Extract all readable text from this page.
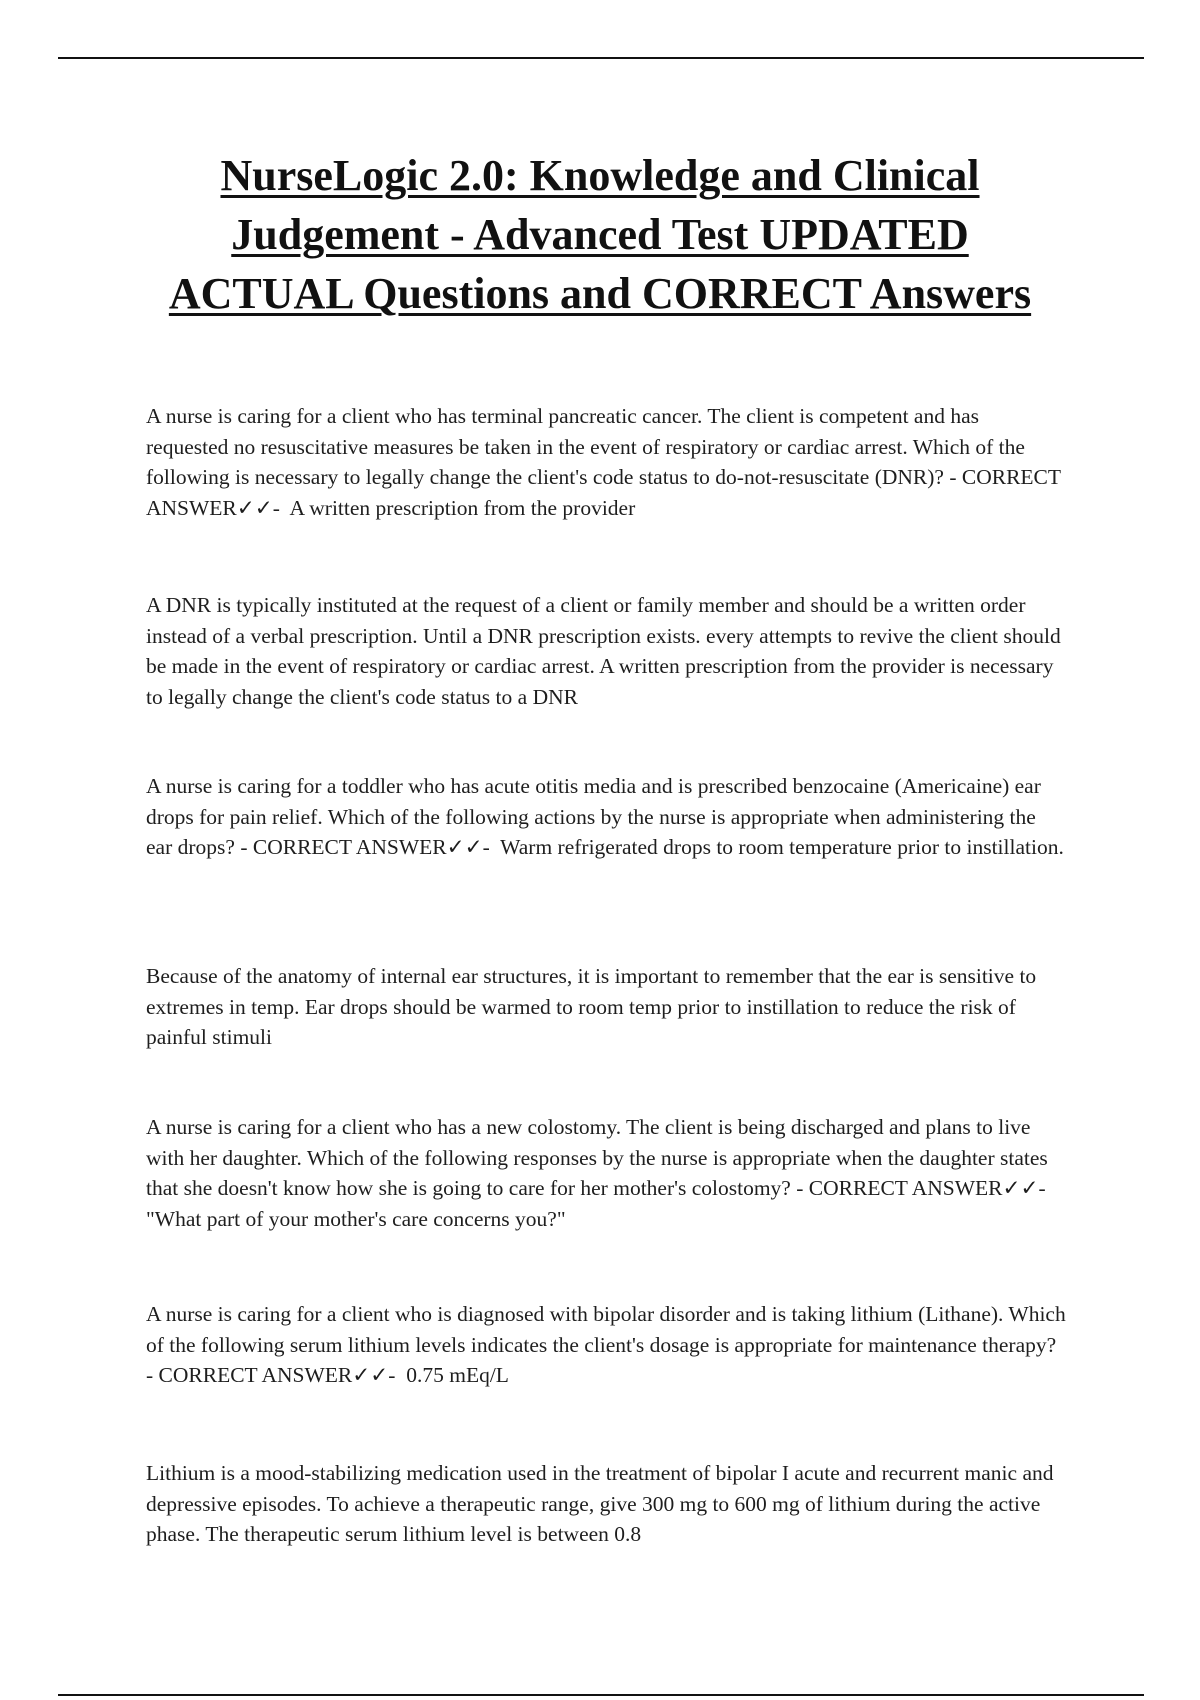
NurseLogic 2.0: Knowledge and Clinical Judgement - Advanced Test UPDATED ACTUAL Questions and CORRECT Answers

A nurse is caring for a client who has terminal pancreatic cancer. The client is competent and has requested no resuscitative measures be taken in the event of respiratory or cardiac arrest. Which of the following is necessary to legally change the client's code status to do-not-resuscitate (DNR)? - CORRECT ANSWER✓✓- A written prescription from the provider

A DNR is typically instituted at the request of a client or family member and should be a written order instead of a verbal prescription. Until a DNR prescription exists. every attempts to revive the client should be made in the event of respiratory or cardiac arrest. A written prescription from the provider is necessary to legally change the client's code status to a DNR

A nurse is caring for a toddler who has acute otitis media and is prescribed benzocaine (Americaine) ear drops for pain relief. Which of the following actions by the nurse is appropriate when administering the ear drops? - CORRECT ANSWER✓✓- Warm refrigerated drops to room temperature prior to instillation.

Because of the anatomy of internal ear structures, it is important to remember that the ear is sensitive to extremes in temp. Ear drops should be warmed to room temp prior to instillation to reduce the risk of painful stimuli

A nurse is caring for a client who has a new colostomy. The client is being discharged and plans to live with her daughter. Which of the following responses by the nurse is appropriate when the daughter states that she doesn't know how she is going to care for her mother's colostomy? - CORRECT ANSWER✓✓-  "What part of your mother's care concerns you?"

A nurse is caring for a client who is diagnosed with bipolar disorder and is taking lithium (Lithane). Which of the following serum lithium levels indicates the client's dosage is appropriate for maintenance therapy? - CORRECT ANSWER✓✓- 0.75 mEq/L

Lithium is a mood-stabilizing medication used in the treatment of bipolar I acute and recurrent manic and depressive episodes. To achieve a therapeutic range, give 300 mg to 600 mg of lithium during the active phase. The therapeutic serum lithium level is between 0.8
